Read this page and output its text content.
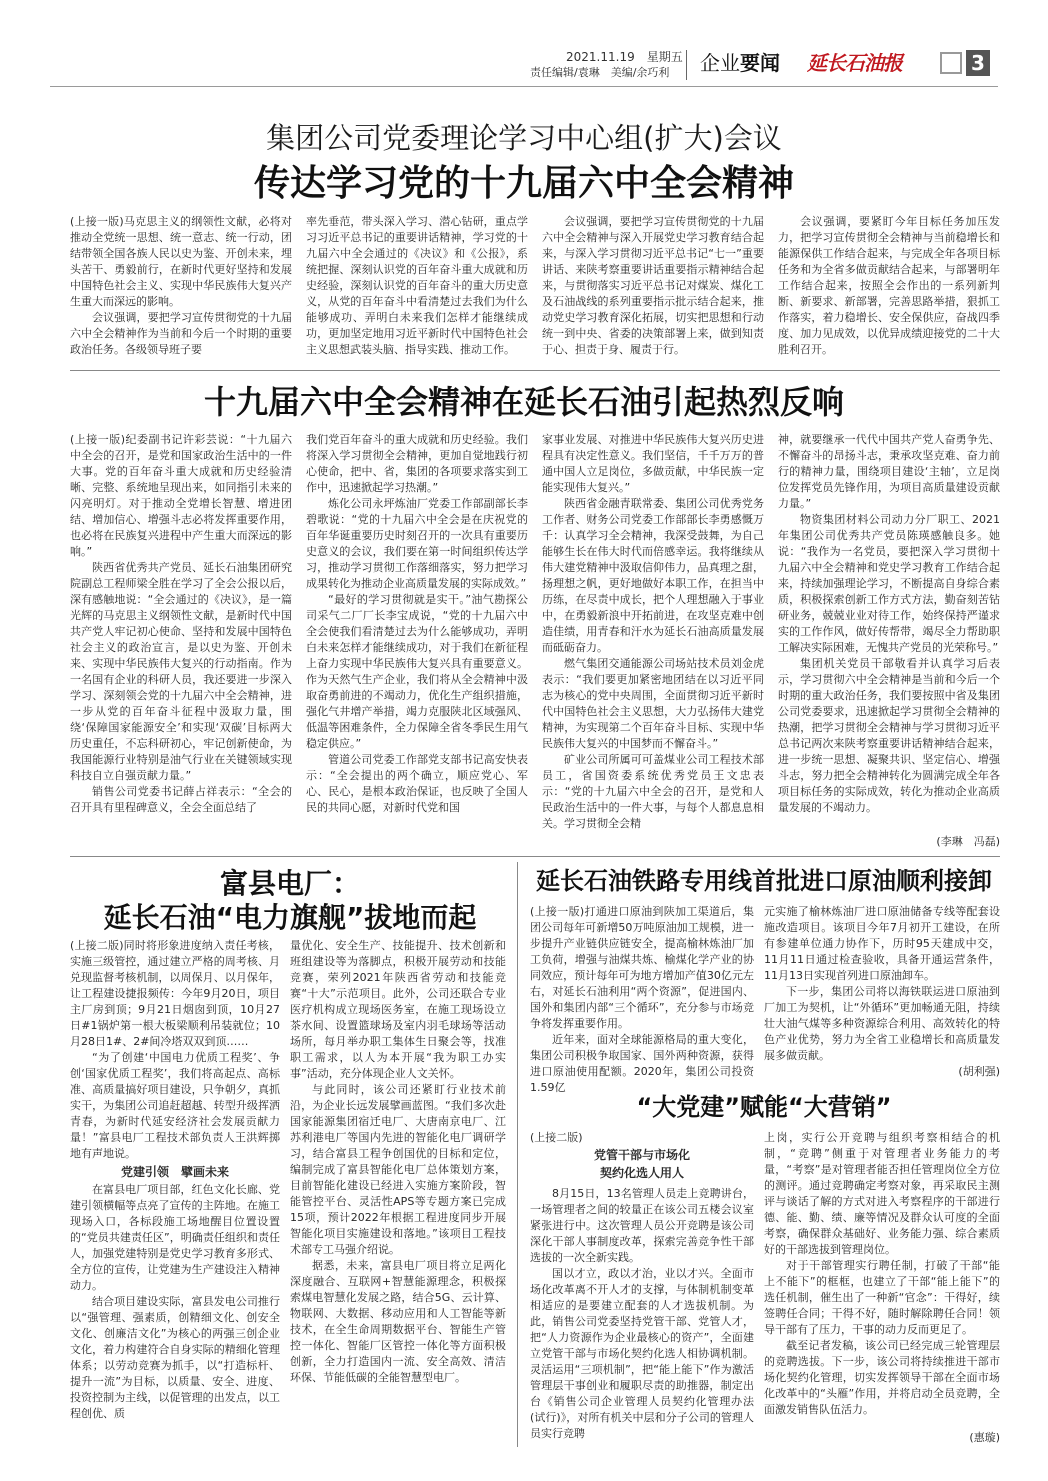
2021.11.19　星期五
责任编辑/袁琳　美编/余巧利 企业要闻 延长石油报	3
集团公司党委理论学习中心组(扩大)会议
传达学习党的十九届六中全会精神

(上接一版)马克思主义的纲领性文献，必将对推动全党统一思想、统一意志、统一行动，团结带领全国各族人民以史为鉴、开创未来，埋头苦干、勇毅前行，在新时代更好坚持和发展中国特色社会主义、实现中华民族伟大复兴产生重大而深远的影响。

会议强调，要把学习宣传贯彻党的十九届六中全会精神作为当前和今后一个时期的重要政治任务。各级领导班子要

率先垂范，带头深入学习、潜心钻研，重点学习习近平总书记的重要讲话精神，学习党的十九届六中全会通过的《决议》和《公报》，系统把握、深刻认识党的百年奋斗重大成就和历史经验，深刻认识党的百年奋斗的重大历史意义，从党的百年奋斗中看清楚过去我们为什么能够成功、弄明白未来我们怎样才能继续成功，更加坚定地用习近平新时代中国特色社会主义思想武装头脑、指导实践、推动工作。

会议强调，要把学习宣传贯彻党的十九届六中全会精神与深入开展党史学习教育结合起来，与深入学习贯彻习近平总书记“七一”重要讲话、来陕考察重要讲话重要指示精神结合起来，与贯彻落实习近平总书记对煤炭、煤化工及石油战线的系列重要指示批示结合起来，推动党史学习教育深化拓展，切实把思想和行动统一到中央、省委的决策部署上来，做到知责于心、担责于身、履责于行。

会议强调，要紧盯今年目标任务加压发力，把学习宣传贯彻全会精神与当前稳增长和能源保供工作结合起来，与完成全年各项目标任务和为全省多做贡献结合起来，与部署明年工作结合起来，按照全会作出的一系列新判断、新要求、新部署，完善思路举措，狠抓工作落实，着力稳增长、安全保供应，奋战四季度、加力见成效，以优异成绩迎接党的二十大胜利召开。

十九届六中全会精神在延长石油引起热烈反响

(上接一版)纪委副书记许彩芸说：“十九届六中全会的召开，是党和国家政治生活中的一件大事。党的百年奋斗重大成就和历史经验清晰、完整、系统地呈现出来，如同指引未来的闪亮明灯。对于推动全党增长智慧、增进团结、增加信心、增强斗志必将发挥重要作用，也必将在民族复兴进程中产生重大而深远的影响。”

陕西省优秀共产党员、延长石油集团研究院副总工程师梁全胜在学习了全会公报以后，深有感触地说：“全会通过的《决议》，是一篇光辉的马克思主义纲领性文献，是新时代中国共产党人牢记初心使命、坚持和发展中国特色社会主义的政治宣言，是以史为鉴、开创未来、实现中华民族伟大复兴的行动指南。作为一名国有企业的科研人员，我还要进一步深入学习、深刻领会党的十九届六中全会精神，进一步从党的百年奋斗征程中汲取力量，围绕‘保障国家能源安全’和实现‘双碳’目标两大历史重任，不忘科研初心，牢记创新使命，为我国能源行业特别是油气行业在关键领域实现科技自立自强贡献力量。”

销售公司党委书记薛占祥表示：“全会的召开具有里程碑意义，全会全面总结了

我们党百年奋斗的重大成就和历史经验。我们将深入学习贯彻全会精神，更加自觉地践行初心使命，把中、省，集团的各项要求落实到工作中，迅速掀起学习热潮。”

炼化公司永坪炼油厂党委工作部副部长李碧歌说：“党的十九届六中全会是在庆祝党的百年华诞重要历史时刻召开的一次具有重要历史意义的会议，我们要在第一时间组织传达学习，推动学习贯彻工作落细落实，努力把学习成果转化为推动企业高质量发展的实际成效。”

“最好的学习贯彻就是实干。”油气勘探公司采气二厂厂长李宝成说，“党的十九届六中全会使我们看清楚过去为什么能够成功，弄明白未来怎样才能继续成功，对于我们在新征程上奋力实现中华民族伟大复兴具有重要意义。作为天然气生产企业，我们将从全会精神中汲取奋勇前进的不竭动力，优化生产组织措施，强化气井增产举措，竭力克服陕北区域强风、低温等困难条件，全力保障全省冬季民生用气稳定供应。”

管道公司党委工作部党支部书记高安快表示：“全会提出的两个确立，顺应党心、军心、民心，是根本政治保证，也反映了全国人民的共同心愿，对新时代党和国

家事业发展、对推进中华民族伟大复兴历史进程具有决定性意义。我们坚信，千千万万的普通中国人立足岗位，多做贡献，中华民族一定能实现伟大复兴。”

陕西省金融青联常委、集团公司优秀党务工作者、财务公司党委工作部部长李勇感慨万千：认真学习全会精神，我深受鼓舞，为自己能够生长在伟大时代而倍感幸运。我将继续从伟大建党精神中汲取信仰伟力，品真理之甜，扬理想之帆，更好地做好本职工作，在担当中历练，在尽责中成长，把个人理想融入于事业中，在勇毅新浪中开拓前进，在攻坚克难中创造佳绩，用青春和汗水为延长石油高质量发展而砥砺奋力。

燃气集团交通能源公司场站技术员刘金虎表示：“我们要更加紧密地团结在以习近平同志为核心的党中央周围，全面贯彻习近平新时代中国特色社会主义思想，大力弘扬伟大建党精神，为实现第二个百年奋斗目标、实现中华民族伟大复兴的中国梦而不懈奋斗。”

矿业公司所属可可盖煤业公司工程技术部员工，省国资委系统优秀党员王文忠表示：“党的十九届六中全会的召开，是党和人民政治生活中的一件大事，与每个人都息息相关。学习贯彻全会精

神，就要继承一代代中国共产党人奋勇争先、不懈奋斗的昂扬斗志，秉承攻坚克难、奋力前行的精神力量，围绕项目建设‘主轴’，立足岗位发挥党员先锋作用，为项目高质量建设贡献力量。”

物资集团材料公司动力分厂职工、2021年集团公司优秀共产党员陈瑛感触良多。她说：“我作为一名党员，要把深入学习贯彻十九届六中全会精神和党史学习教育工作结合起来，持续加强理论学习，不断提高自身综合素质，积极探索创新工作方式方法，勤奋刻苦钻研业务，兢兢业业对待工作，始终保持严谨求实的工作作风，做好传帮带，竭尽全力帮助职工解决实际困难，无愧共产党员的光荣称号。”

集团机关党员干部敬看并认真学习后表示，学习贯彻六中全会精神是当前和今后一个时期的重大政治任务，我们要按照中省及集团公司党委要求，迅速掀起学习贯彻全会精神的热潮，把学习贯彻全会精神与学习贯彻习近平总书记两次来陕考察重要讲话精神结合起来，进一步统一思想、凝聚共识、坚定信心、增强斗志，努力把全会精神转化为圆满完成全年各项目标任务的实际成效，转化为推动企业高质量发展的不竭动力。

(李琳　冯磊)
富县电厂：
延长石油“电力旗舰”拔地而起

(上接二版)同时将形象进度纳入责任考核，实施三级管控，通过建立严格的周考核、月兑现监督考核机制，以周保月、以月保年，让工程建设捷报频传：今年9月20日，项目主厂房到顶；9月21日烟囱到顶，10月27日#1锅炉第一根大板梁顺利吊装就位；10月28日1#、2#间冷塔双双到顶……

“为了创建‘中国电力优质工程奖’、争创‘国家优质工程奖’，我们将高起点、高标准、高质量搞好项目建设，只争朝夕，真抓实干，为集团公司追赶超越、转型升级挥洒青春，为新时代延安经济社会发展贡献力量！”富县电厂工程技术部负责人王洪辉掷地有声地说。

党建引领　擘画未来

在富县电厂项目部，红色文化长廊、党建引领横幅等点亮了宣传的主阵地。在施工现场入口，各标段施工场地醒目位置设置的“党员共建责任区”，明确责任组织和责任人，加强党建特别是党史学习教育多形式、全方位的宣传，让党建为生产建设注入精神动力。

结合项目建设实际，富县发电公司推行以“强管理、强素质，创精细文化、创安全文化、创廉洁文化”为核心的两强三创企业文化，着力构建符合自身实际的精细化管理体系；以劳动竞赛为抓手，以“打造标杆、提升一流”为目标，以质量、安全、进度、投资控制为主线，以促管理的出发点，以工程创优、质

量优化、安全生产、技能提升、技术创新和班组建设等为落脚点，积极开展劳动和技能竞赛，荣列2021年陕西省劳动和技能竞赛“十大”示范项目。此外，公司还联合专业医疗机构成立现场医务室，在施工现场设立茶水间、设置篮球场及室内羽毛球场等活动场所，每月举办职工集体生日聚会等，找准职工需求，以人为本开展“我为职工办实事”活动，充分体现企业人文关怀。

与此同时，该公司还紧盯行业技术前沿，为企业长远发展擘画蓝图。“我们多次赴国家能源集团宿迁电厂、大唐南京电厂、江苏利港电厂等国内先进的智能化电厂调研学习，结合富县工程争创国优的目标和定位，编制完成了富县智能化电厂总体策划方案，目前智能化建设已经进入实施方案阶段，智能管控平台、灵活性APS等专题方案已完成15项，预计2022年根据工程进度同步开展智能化项目实施建设和落地。”该项目工程技术部专工马强介绍说。

据悉，未来，富县电厂项目将立足两化深度融合、互联网+智慧能源理念，积极探索煤电智慧化发展之路，结合5G、云计算、物联网、大数据、移动应用和人工智能等新技术，在全生命周期数据平台、智能生产管控一体化、智能厂区管控一体化等方面积极创新，全力打造国内一流、安全高效、清洁环保、节能低碳的全能智慧型电厂。

延长石油铁路专用线首批进口原油顺利接卸

(上接一版)打通进口原油到陕加工渠道后，集团公司每年可新增50万吨原油加工规模，进一步提升产业链供应链安全，提高榆林炼油厂加工负荷，增强与油煤共炼、榆煤化学产业的协同效应，预计每年可为地方增加产值30亿元左右，对延长石油利用“两个资源”，促进国内、国外和集团内部“三个循环”，充分参与市场竞争将发挥重要作用。

近年来，面对全球能源格局的重大变化，集团公司积极争取国家、国外两种资源，获得进口原油使用配额。2020年，集团公司投资1.59亿

元实施了榆林炼油厂进口原油储备专线等配套设施改造项目。该项目今年7月初开工建设，在所有参建单位通力协作下，历时95天建成中交，11月11日通过检查验收，具备开通运营条件，11月13日实现首列进口原油卸车。

下一步，集团公司将以海铁联运进口原油到厂加工为契机，让“外循环”更加畅通无阻，持续壮大油气煤等多种资源综合利用、高效转化的特色产业优势，努力为全省工业稳增长和高质量发展多做贡献。

(胡利强)
“大党建”赋能“大营销”

(上接二版)

党管干部与市场化

契约化选人用人

8月15日，13名管理人员走上竞聘讲台，一场管理者之间的较量正在该公司五楼会议室紧张进行中。这次管理人员公开竞聘是该公司深化干部人事制度改革，探索完善竞争性干部选拔的一次全新实践。

国以才立，政以才治，业以才兴。全面市场化改革离不开人才的支撑，与体制机制变革相适应的是要建立配套的人才选拔机制。为此，销售公司党委坚持党管干部、党管人才，把“人力资源作为企业最核心的资产”，全面建立党管干部与市场化契约化选人相协调机制。灵活运用“三项机制”，把“能上能下”作为激活管理层干事创业和履职尽责的助推器，制定出台《销售公司企业管理人员契约化管理办法(试行)》，对所有机关中层和分子公司的管理人员实行竞聘

上岗，实行公开竞聘与组织考察相结合的机制，“竞聘”侧重于对管理者业务能力的考量，“考察”是对管理者能否担任管理岗位全方位的测评。通过竞聘确定考察对象，再采取民主测评与谈话了解的方式对进入考察程序的干部进行德、能、勤、绩、廉等情况及群众认可度的全面考察，确保群众基础好、业务能力强、综合素质好的干部选拔到管理岗位。

对于干部管理实行聘任制，打破了干部“能上不能下”的框框，也建立了干部“能上能下”的选任机制，催生出了一种新“官念”：干得好，续签聘任合同；干得不好，随时解除聘任合同！领导干部有了压力，干事的动力反而更足了。

截至记者发稿，该公司已经完成三轮管理层的竞聘选拔。下一步，该公司将持续推进干部市场化契约化管理，切实发挥领导干部在全面市场化改革中的“头雁”作用，并将启动全员竞聘，全面激发销售队伍活力。

(惠璇)
